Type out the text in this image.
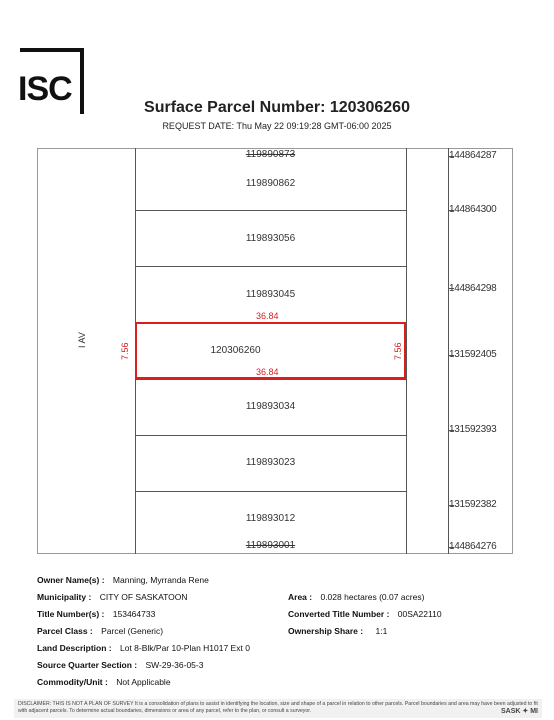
ISC	Surface Parcel Number: 120306260
REQUEST DATE: Thu May 22 09:19:28 GMT-06:00 2025
119890873
119890862
119893056
119893045
120306260
119893034
119893023
119893012
119893001
36.84
36.84
7.56	7.56
I AV
144864287
144864300
144864298
131592405
131592393
131592382
144864276
Owner Name(s) : Manning, Myrranda Rene
Municipality : CITY OF SASKATOON	Area : 0.028 hectares (0.07 acres)
Title Number(s) : 153464733	Converted Title Number : 00SA22110
Parcel Class : Parcel (Generic)	Ownership Share : 1:1
Land Description : Lot 8-Blk/Par 10-Plan H1017 Ext 0
Source Quarter Section : SW-29-36-05-3
Commodity/Unit : Not Applicable
DISCLAIMER: THIS IS NOT A PLAN OF SURVEY It is a consolidation of plans to assist in identifying the location, size and shape of a parcel in relation to other parcels. Parcel boundaries and area may have been adjusted to fit with adjacent parcels. To determine actual boundaries, dimensions or area of any parcel, refer to the plan, or consult a surveyor.	SASK ✦ MI
